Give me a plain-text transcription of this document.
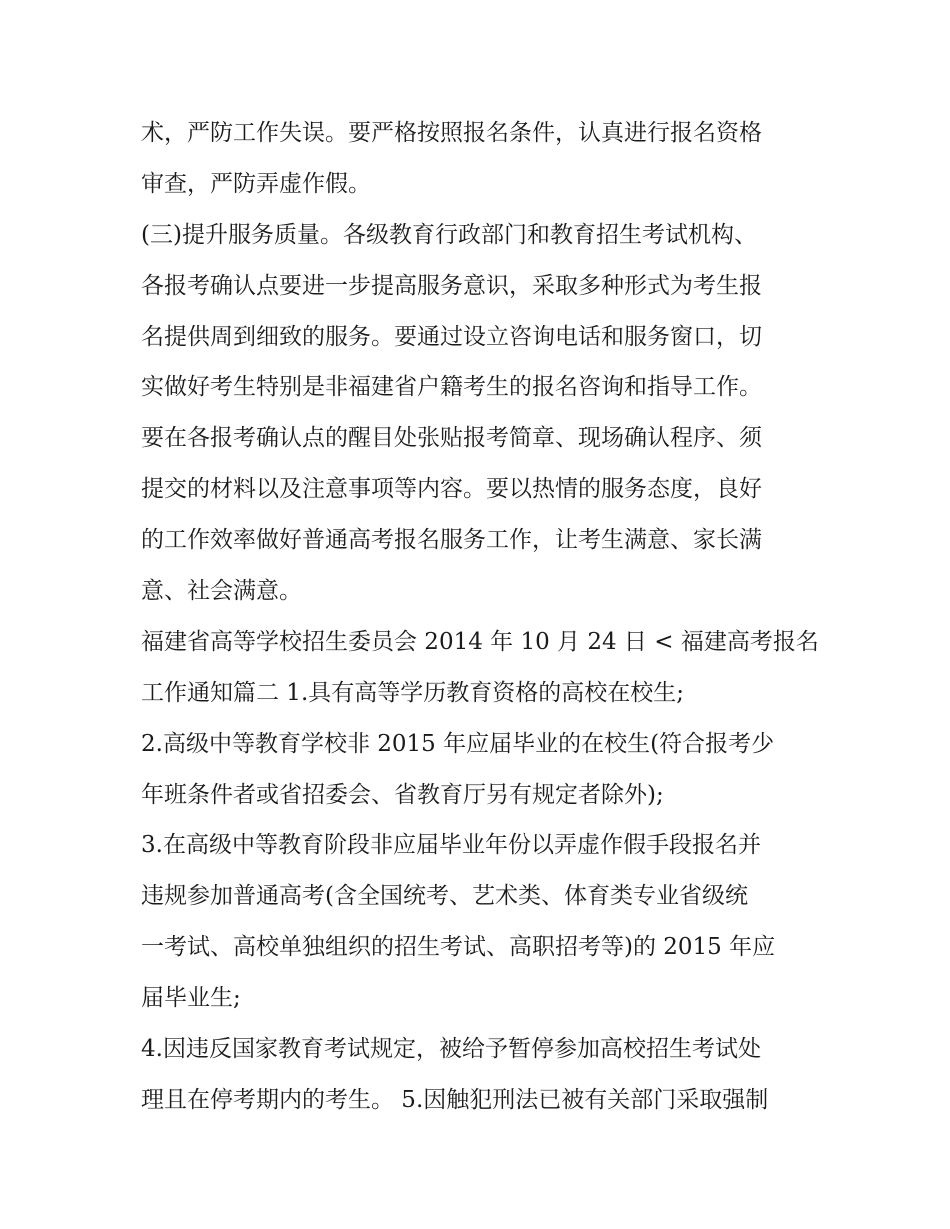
术，严防工作失误。要严格按照报名条件，认真进行报名资格
审查，严防弄虚作假。
(三)提升服务质量。各级教育行政部门和教育招生考试机构、
各报考确认点要进一步提高服务意识，采取多种形式为考生报
名提供周到细致的服务。要通过设立咨询电话和服务窗口，切
实做好考生特别是非福建省户籍考生的报名咨询和指导工作。
要在各报考确认点的醒目处张贴报考简章、现场确认程序、须
提交的材料以及注意事项等内容。要以热情的服务态度，良好
的工作效率做好普通高考报名服务工作，让考生满意、家长满
意、社会满意。
福建省高等学校招生委员会 2014 年 10 月 24 日 < 福建高考报名
工作通知篇二 1.具有高等学历教育资格的高校在校生;
2.高级中等教育学校非 2015 年应届毕业的在校生(符合报考少
年班条件者或省招委会、省教育厅另有规定者除外);
3.在高级中等教育阶段非应届毕业年份以弄虚作假手段报名并
违规参加普通高考(含全国统考、艺术类、体育类专业省级统
一考试、高校单独组织的招生考试、高职招考等)的 2015 年应
届毕业生;
4.因违反国家教育考试规定，被给予暂停参加高校招生考试处
理且在停考期内的考生。 5.因触犯刑法已被有关部门采取强制
